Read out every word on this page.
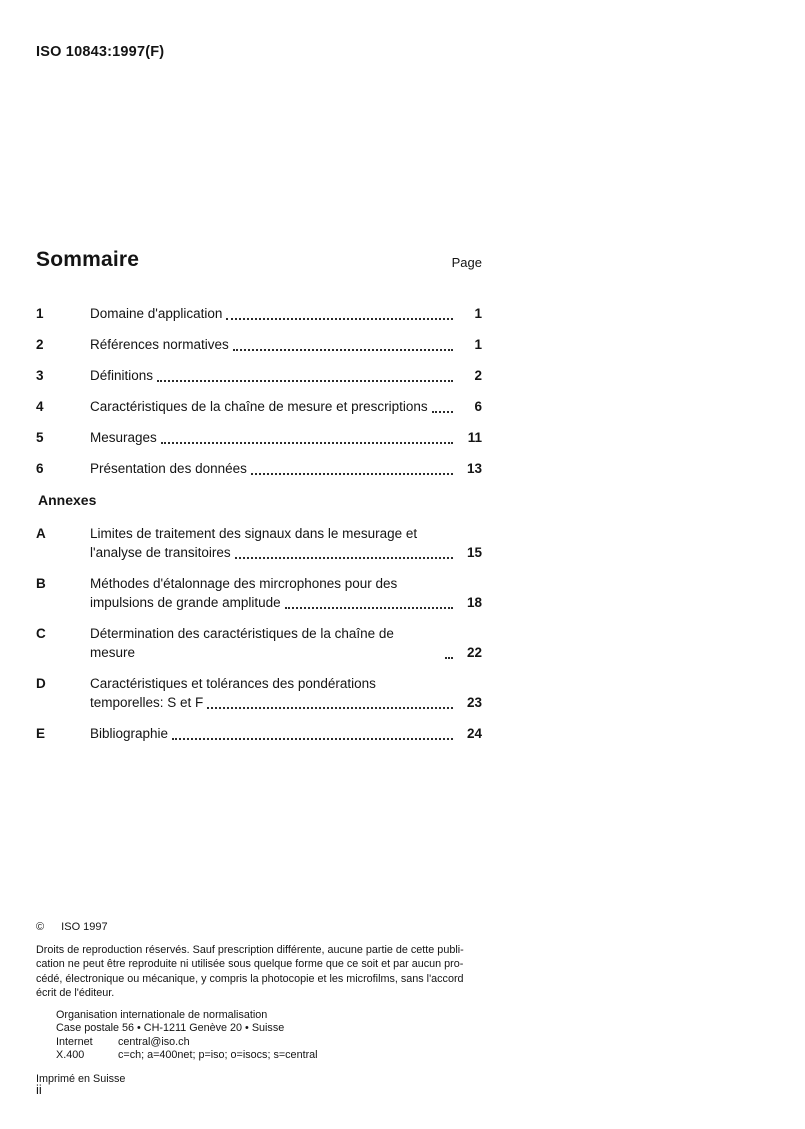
ISO 10843:1997(F)
Sommaire	Page
1	Domaine d'application	1
2	Références normatives	1
3	Définitions	2
4	Caractéristiques de la chaîne de mesure et prescriptions	6
5	Mesurages	11
6	Présentation des données	13
Annexes
A	Limites de traitement des signaux dans le mesurage et
l'analyse de transitoires	15
B	Méthodes d'étalonnage des mircrophones pour des
impulsions de grande amplitude	18
C	Détermination des caractéristiques de la chaîne de mesure	22
D	Caractéristiques et tolérances des pondérations
temporelles: S et F	23
E	Bibliographie	24
© ISO 1997
Droits de reproduction réservés. Sauf prescription différente, aucune partie de cette publi-
cation ne peut être reproduite ni utilisée sous quelque forme que ce soit et par aucun pro-
cédé, électronique ou mécanique, y compris la photocopie et les microfilms, sans l'accord
écrit de l'éditeur.
Organisation internationale de normalisation
Case postale 56 • CH-1211 Genève 20 • Suisse
Internet	central@iso.ch
X.400	c=ch; a=400net; p=iso; o=isocs; s=central
Imprimé en Suisse
ii
